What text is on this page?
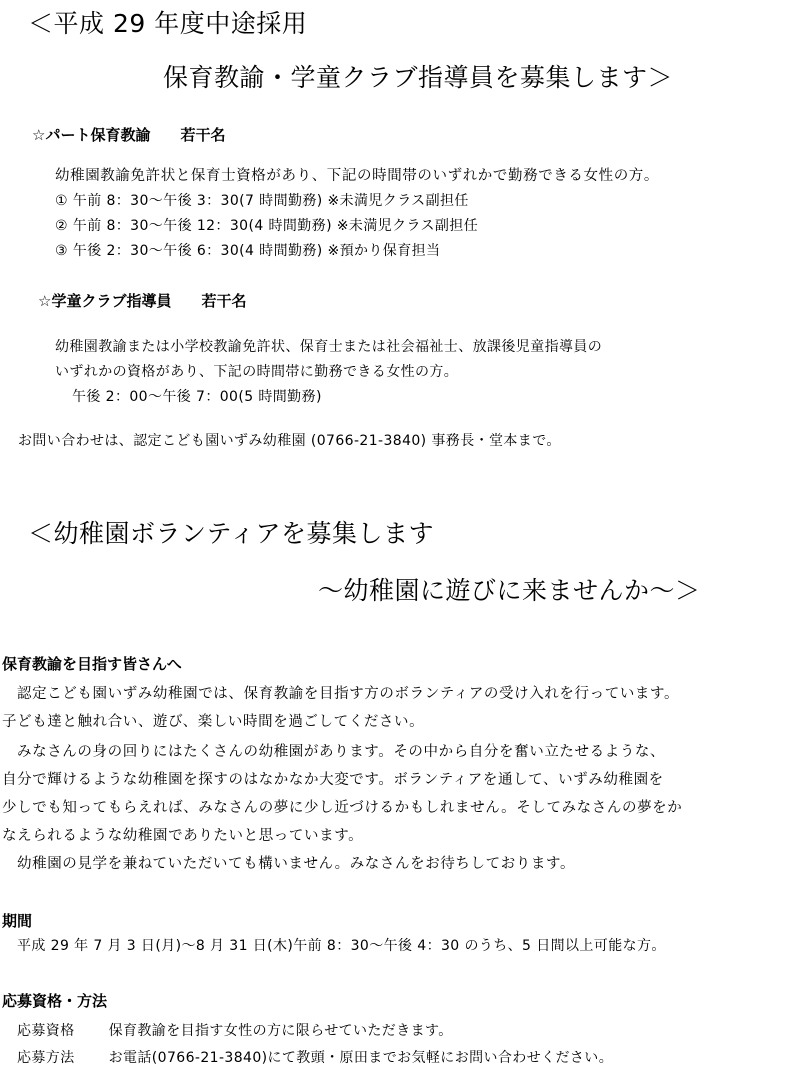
＜平成 29 年度中途採用
保育教諭・学童クラブ指導員を募集します＞
☆パート保育教諭 若干名
幼稚園教諭免許状と保育士資格があり、下記の時間帯のいずれかで勤務できる女性の方。
① 午前 8：30～午後 3：30(7 時間勤務) ※未満児クラス副担任
② 午前 8：30～午後 12：30(4 時間勤務) ※未満児クラス副担任
③ 午後 2：30～午後 6：30(4 時間勤務) ※預かり保育担当
☆学童クラブ指導員 若干名
幼稚園教諭または小学校教諭免許状、保育士または社会福祉士、放課後児童指導員の
いずれかの資格があり、下記の時間帯に勤務できる女性の方。
午後 2：00～午後 7：00(5 時間勤務)
お問い合わせは、認定こども園いずみ幼稚園 (0766-21-3840) 事務長・堂本まで。
＜幼稚園ボランティアを募集します
～幼稚園に遊びに来ませんか～＞
保育教諭を目指す皆さんへ
認定こども園いずみ幼稚園では、保育教諭を目指す方のボランティアの受け入れを行っています。
子ども達と触れ合い、遊び、楽しい時間を過ごしてください。
みなさんの身の回りにはたくさんの幼稚園があります。その中から自分を奮い立たせるような、
自分で輝けるような幼稚園を探すのはなかなか大変です。ボランティアを通して、いずみ幼稚園を
少しでも知ってもらえれば、みなさんの夢に少し近づけるかもしれません。そしてみなさんの夢をか
なえられるような幼稚園でありたいと思っています。
幼稚園の見学を兼ねていただいても構いません。みなさんをお待ちしております。
期間
平成 29 年 7 月 3 日(月)～8 月 31 日(木)午前 8：30～午後 4：30 のうち、5 日間以上可能な方。
応募資格・方法
応募資格 保育教諭を目指す女性の方に限らせていただきます。
応募方法 お電話(0766-21-3840)にて教頭・原田までお気軽にお問い合わせください。
